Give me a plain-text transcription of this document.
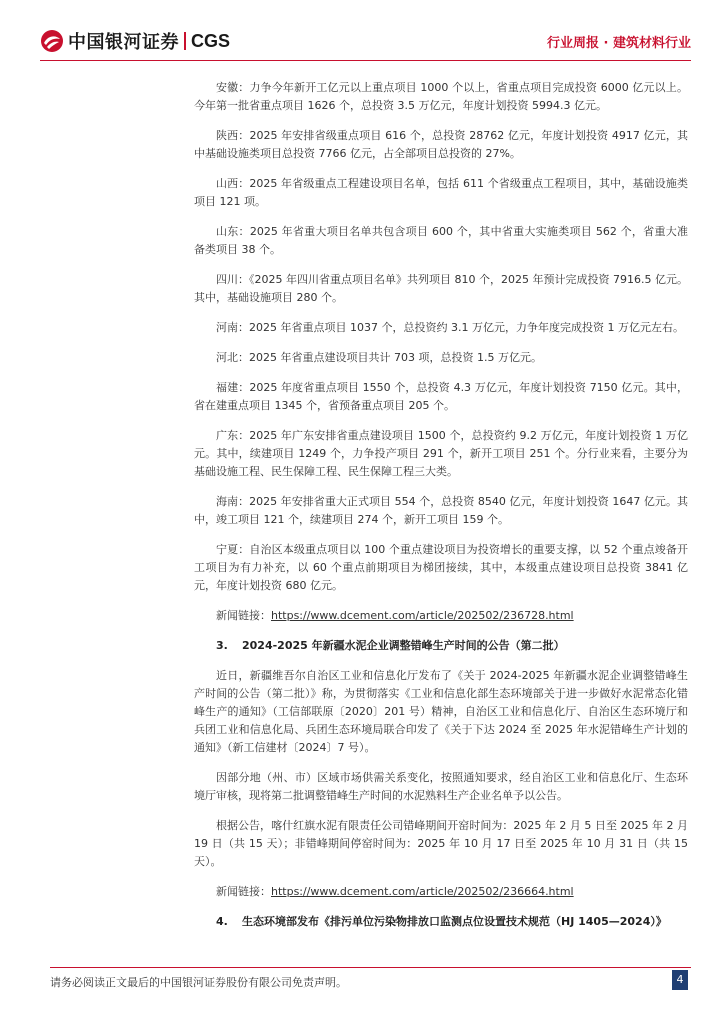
中国银河证券 CGS	行业周报 · 建筑材料行业

安徽：力争今年新开工亿元以上重点项目 1000 个以上，省重点项目完成投资 6000 亿元以上。今年第一批省重点项目 1626 个，总投资 3.5 万亿元，年度计划投资 5994.3 亿元。

陕西：2025 年安排省级重点项目 616 个，总投资 28762 亿元，年度计划投资 4917 亿元，其中基础设施类项目总投资 7766 亿元，占全部项目总投资的 27%。

山西：2025 年省级重点工程建设项目名单，包括 611 个省级重点工程项目，其中，基础设施类项目 121 项。

山东：2025 年省重大项目名单共包含项目 600 个，其中省重大实施类项目 562 个，省重大准备类项目 38 个。

四川：《2025 年四川省重点项目名单》共列项目 810 个，2025 年预计完成投资 7916.5 亿元。其中，基础设施项目 280 个。

河南：2025 年省重点项目 1037 个，总投资约 3.1 万亿元，力争年度完成投资 1 万亿元左右。

河北：2025 年省重点建设项目共计 703 项，总投资 1.5 万亿元。

福建：2025 年度省重点项目 1550 个，总投资 4.3 万亿元，年度计划投资 7150 亿元。其中，省在建重点项目 1345 个，省预备重点项目 205 个。

广东：2025 年广东安排省重点建设项目 1500 个，总投资约 9.2 万亿元，年度计划投资 1 万亿元。其中，续建项目 1249 个，力争投产项目 291 个，新开工项目 251 个。分行业来看，主要分为基础设施工程、民生保障工程、民生保障工程三大类。

海南：2025 年安排省重大正式项目 554 个，总投资 8540 亿元，年度计划投资 1647 亿元。其中，竣工项目 121 个，续建项目 274 个，新开工项目 159 个。

宁夏：自治区本级重点项目以 100 个重点建设项目为投资增长的重要支撑，以 52 个重点竣备开工项目为有力补充，以 60 个重点前期项目为梯团接续，其中，本级重点建设项目总投资 3841 亿元，年度计划投资 680 亿元。

新闻链接：https://www.dcement.com/article/202502/236728.html

3. 2024-2025 年新疆水泥企业调整错峰生产时间的公告（第二批）

近日，新疆维吾尔自治区工业和信息化厅发布了《关于 2024-2025 年新疆水泥企业调整错峰生产时间的公告（第二批）》称，为贯彻落实《工业和信息化部生态环境部关于进一步做好水泥常态化错峰生产的通知》（工信部联原〔2020〕201 号）精神，自治区工业和信息化厅、自治区生态环境厅和兵团工业和信息化局、兵团生态环境局联合印发了《关于下达 2024 至 2025 年水泥错峰生产计划的通知》（新工信建材〔2024〕7 号）。

因部分地（州、市）区域市场供需关系变化，按照通知要求，经自治区工业和信息化厅、生态环境厅审核，现将第二批调整错峰生产时间的水泥熟料生产企业名单予以公告。

根据公告，喀什红旗水泥有限责任公司错峰期间开窑时间为：2025 年 2 月 5 日至 2025 年 2 月 19 日（共 15 天）；非错峰期间停窑时间为：2025 年 10 月 17 日至 2025 年 10 月 31 日（共 15 天）。

新闻链接：https://www.dcement.com/article/202502/236664.html

4. 生态环境部发布《排污单位污染物排放口监测点位设置技术规范（HJ 1405—2024）》
请务必阅读正文最后的中国银河证券股份有限公司免责声明。	4
